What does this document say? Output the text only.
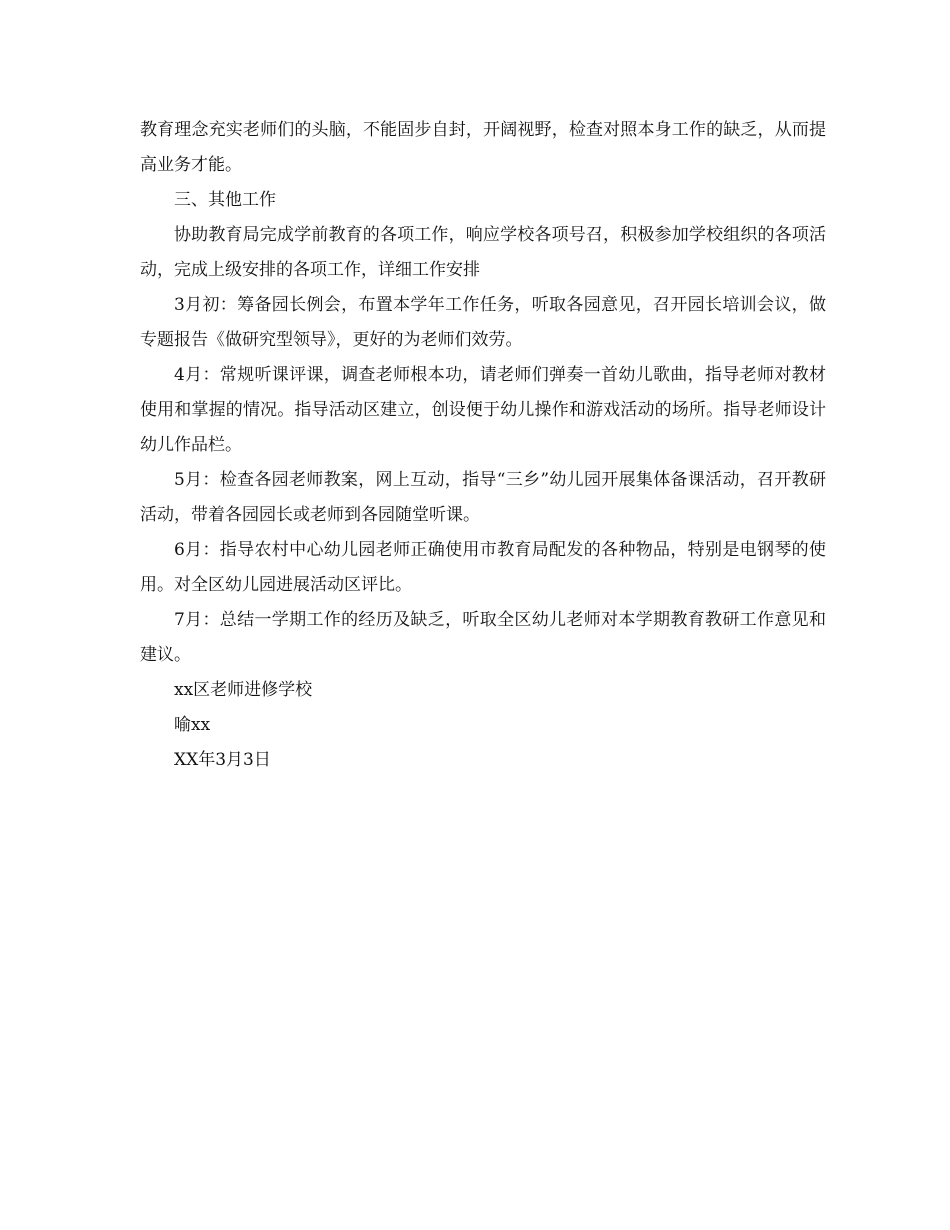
教育理念充实老师们的头脑，不能固步自封，开阔视野，检查对照本身工作的缺乏，从而提高业务才能。

三、其他工作

协助教育局完成学前教育的各项工作，响应学校各项号召，积极参加学校组织的各项活动，完成上级安排的各项工作，详细工作安排

3月初：筹备园长例会，布置本学年工作任务，听取各园意见，召开园长培训会议，做专题报告《做研究型领导》，更好的为老师们效劳。

4月：常规听课评课，调查老师根本功，请老师们弹奏一首幼儿歌曲，指导老师对教材使用和掌握的情况。指导活动区建立，创设便于幼儿操作和游戏活动的场所。指导老师设计幼儿作品栏。

5月：检查各园老师教案，网上互动，指导“三乡”幼儿园开展集体备课活动，召开教研活动，带着各园园长或老师到各园随堂听课。

6月：指导农村中心幼儿园老师正确使用市教育局配发的各种物品，特别是电钢琴的使用。对全区幼儿园进展活动区评比。

7月：总结一学期工作的经历及缺乏，听取全区幼儿老师对本学期教育教研工作意见和建议。

xx区老师进修学校

喻xx

XX年3月3日
